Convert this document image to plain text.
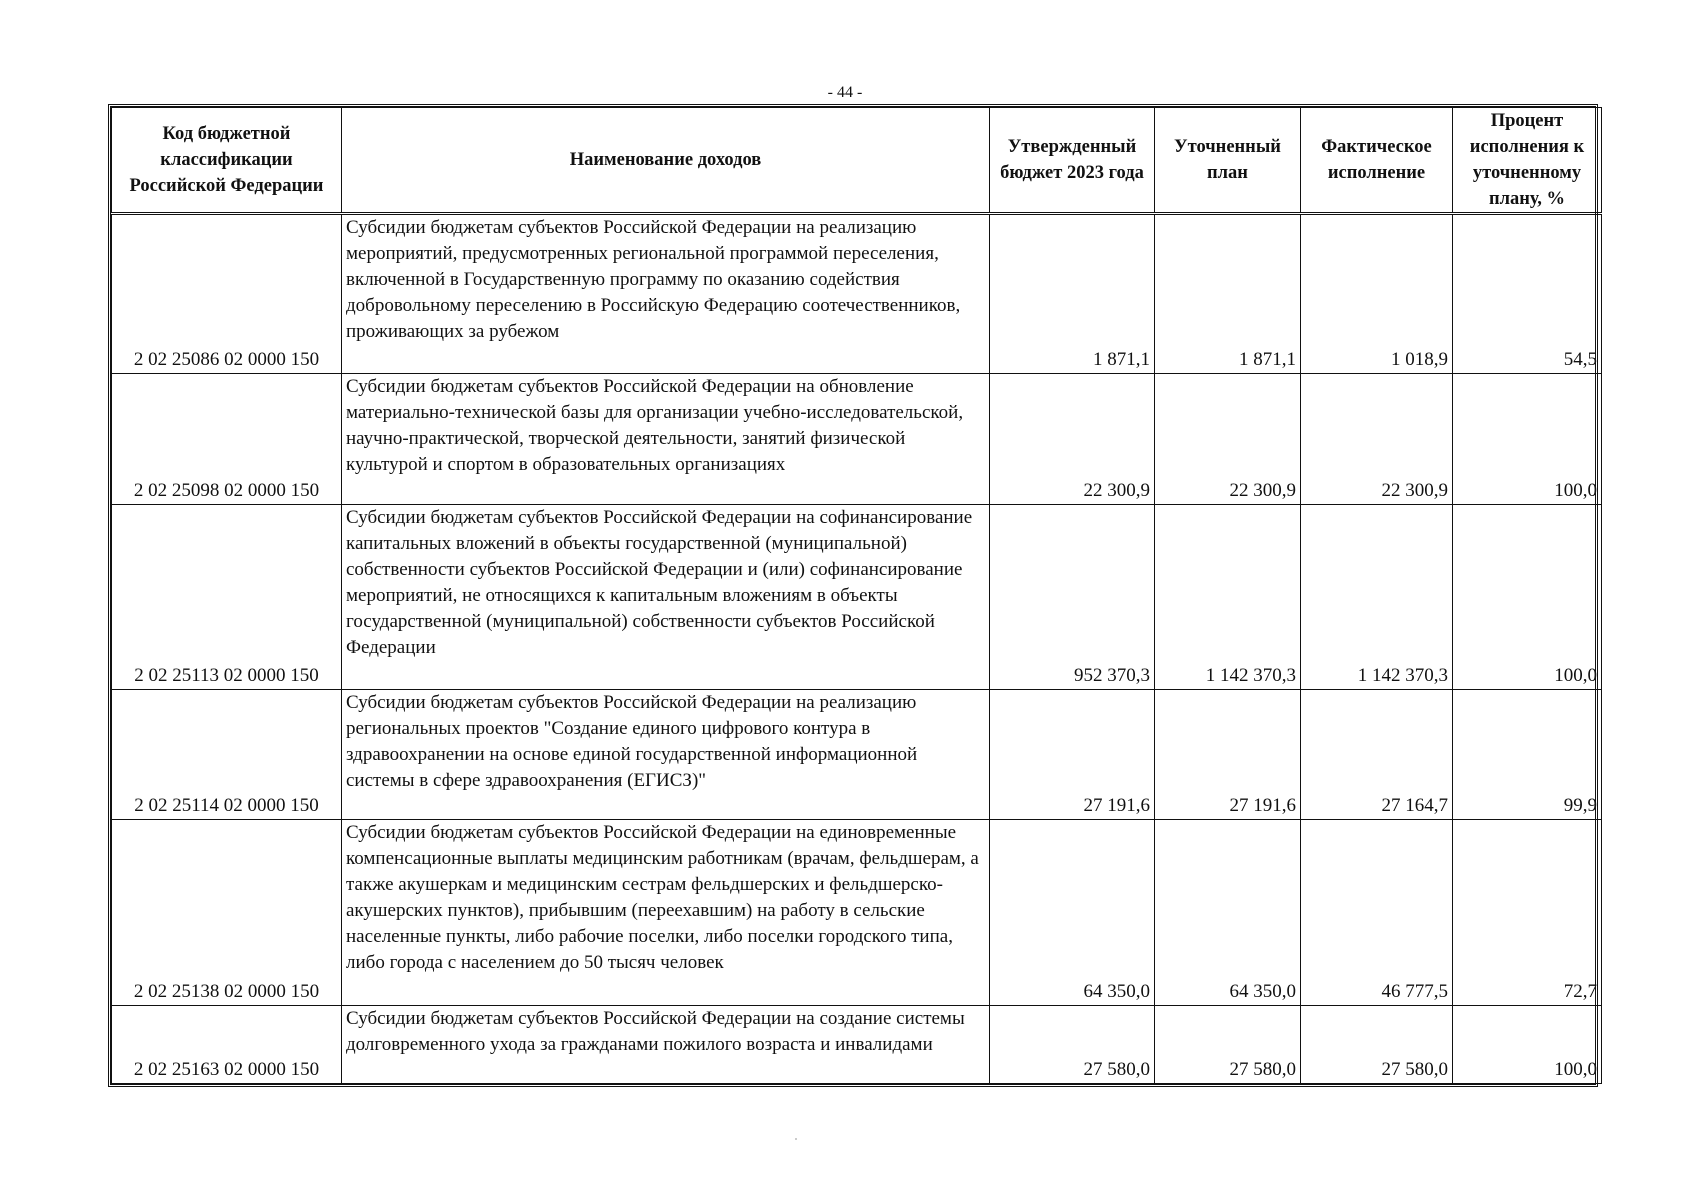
- 44 -
Код бюджетной классификации Российской Федерации	Наименование доходов	Утвержденный бюджет 2023 года	Уточненный план	Фактическое исполнение	Процент исполнения к уточненному плану, %
2 02 25086 02 0000 150	Субсидии бюджетам субъектов Российской Федерации на реализацию мероприятий, предусмотренных региональной программой переселения, включенной в Государственную программу по оказанию содействия добровольному переселению в Российскую Федерацию соотечественников, проживающих за рубежом	1 871,1	1 871,1	1 018,9	54,5
2 02 25098 02 0000 150	Субсидии бюджетам субъектов Российской Федерации на обновление материально-технической базы для организации учебно-исследовательской, научно-практической, творческой деятельности, занятий физической культурой и спортом в образовательных организациях	22 300,9	22 300,9	22 300,9	100,0
2 02 25113 02 0000 150	Субсидии бюджетам субъектов Российской Федерации на софинансирование капитальных вложений в объекты государственной (муниципальной) собственности субъектов Российской Федерации и (или) софинансирование мероприятий, не относящихся к капитальным вложениям в объекты государственной (муниципальной) собственности субъектов Российской Федерации	952 370,3	1 142 370,3	1 142 370,3	100,0
2 02 25114 02 0000 150	Субсидии бюджетам субъектов Российской Федерации на реализацию региональных проектов "Создание единого цифрового контура в здравоохранении на основе единой государственной информационной системы в сфере здравоохранения (ЕГИСЗ)"	27 191,6	27 191,6	27 164,7	99,9
2 02 25138 02 0000 150	Субсидии бюджетам субъектов Российской Федерации на единовременные компенсационные выплаты медицинским работникам (врачам, фельдшерам, а также акушеркам и медицинским сестрам фельдшерских и фельдшерско-акушерских пунктов), прибывшим (переехавшим) на работу в сельские населенные пункты, либо рабочие поселки, либо поселки городского типа, либо города с населением до 50 тысяч человек	64 350,0	64 350,0	46 777,5	72,7
2 02 25163 02 0000 150	Субсидии бюджетам субъектов Российской Федерации на создание системы долговременного ухода за гражданами пожилого возраста и инвалидами	27 580,0	27 580,0	27 580,0	100,0
